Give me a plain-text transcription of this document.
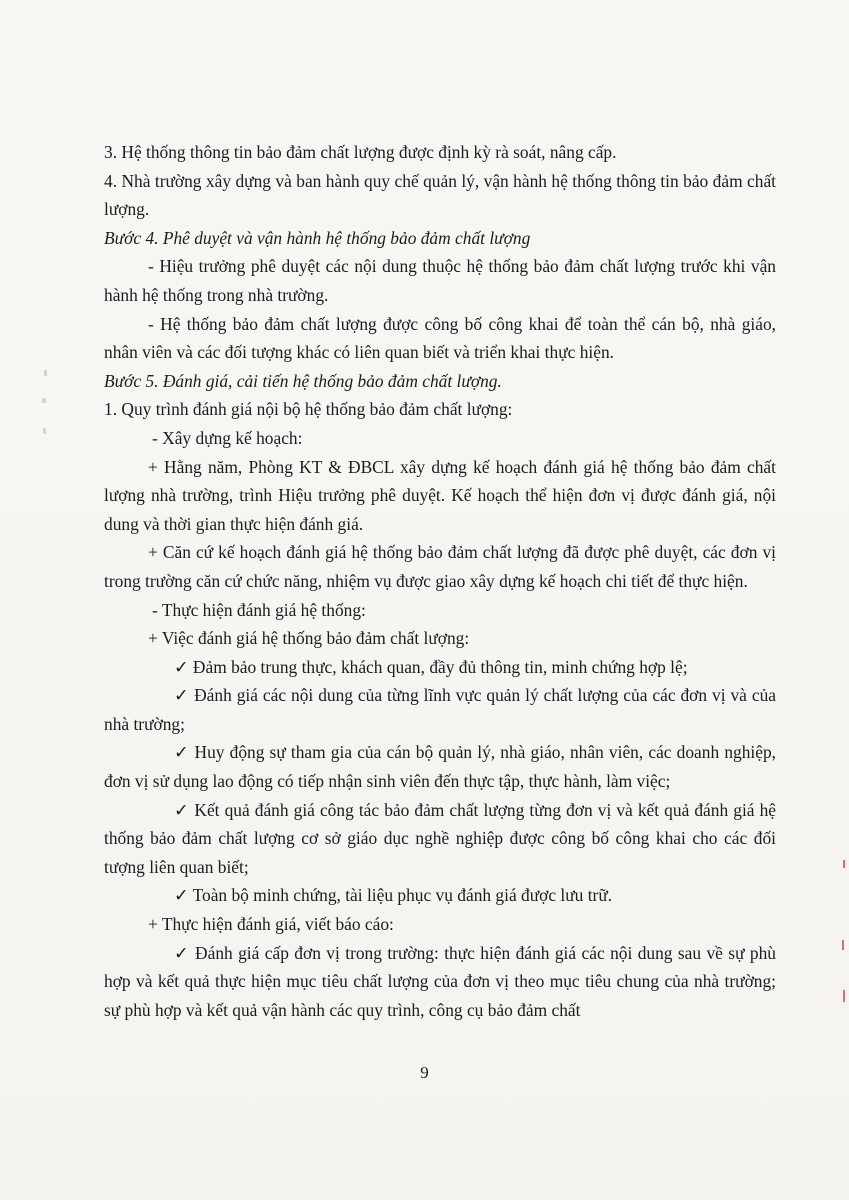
3. Hệ thống thông tin bảo đảm chất lượng được định kỳ rà soát, nâng cấp.

4. Nhà trường xây dựng và ban hành quy chế quản lý, vận hành hệ thống thông tin bảo đảm chất lượng.

Bước 4. Phê duyệt và vận hành hệ thống bảo đảm chất lượng

- Hiệu trưởng phê duyệt các nội dung thuộc hệ thống bảo đảm chất lượng trước khi vận hành hệ thống trong nhà trường.

- Hệ thống bảo đảm chất lượng được công bố công khai để toàn thể cán bộ, nhà giáo, nhân viên và các đối tượng khác có liên quan biết và triển khai thực hiện.

Bước 5. Đánh giá, cải tiến hệ thống bảo đảm chất lượng.

1. Quy trình đánh giá nội bộ hệ thống bảo đảm chất lượng:

- Xây dựng kế hoạch:

+ Hằng năm, Phòng KT & ĐBCL xây dựng kế hoạch đánh giá hệ thống bảo đảm chất lượng nhà trường, trình Hiệu trưởng phê duyệt. Kế hoạch thể hiện đơn vị được đánh giá, nội dung và thời gian thực hiện đánh giá.

+ Căn cứ kế hoạch đánh giá hệ thống bảo đảm chất lượng đã được phê duyệt, các đơn vị trong trường căn cứ chức năng, nhiệm vụ được giao xây dựng kế hoạch chi tiết để thực hiện.

- Thực hiện đánh giá hệ thống:

+ Việc đánh giá hệ thống bảo đảm chất lượng:

✓ Đảm bảo trung thực, khách quan, đầy đủ thông tin, minh chứng hợp lệ;

✓ Đánh giá các nội dung của từng lĩnh vực quản lý chất lượng của các đơn vị và của nhà trường;

✓ Huy động sự tham gia của cán bộ quản lý, nhà giáo, nhân viên, các doanh nghiệp, đơn vị sử dụng lao động có tiếp nhận sinh viên đến thực tập, thực hành, làm việc;

✓ Kết quả đánh giá công tác bảo đảm chất lượng từng đơn vị và kết quả đánh giá hệ thống bảo đảm chất lượng cơ sở giáo dục nghề nghiệp được công bố công khai cho các đối tượng liên quan biết;

✓ Toàn bộ minh chứng, tài liệu phục vụ đánh giá được lưu trữ.

+ Thực hiện đánh giá, viết báo cáo:

✓ Đánh giá cấp đơn vị trong trường: thực hiện đánh giá các nội dung sau về sự phù hợp và kết quả thực hiện mục tiêu chất lượng của đơn vị theo mục tiêu chung của nhà trường; sự phù hợp và kết quả vận hành các quy trình, công cụ bảo đảm chất

9
